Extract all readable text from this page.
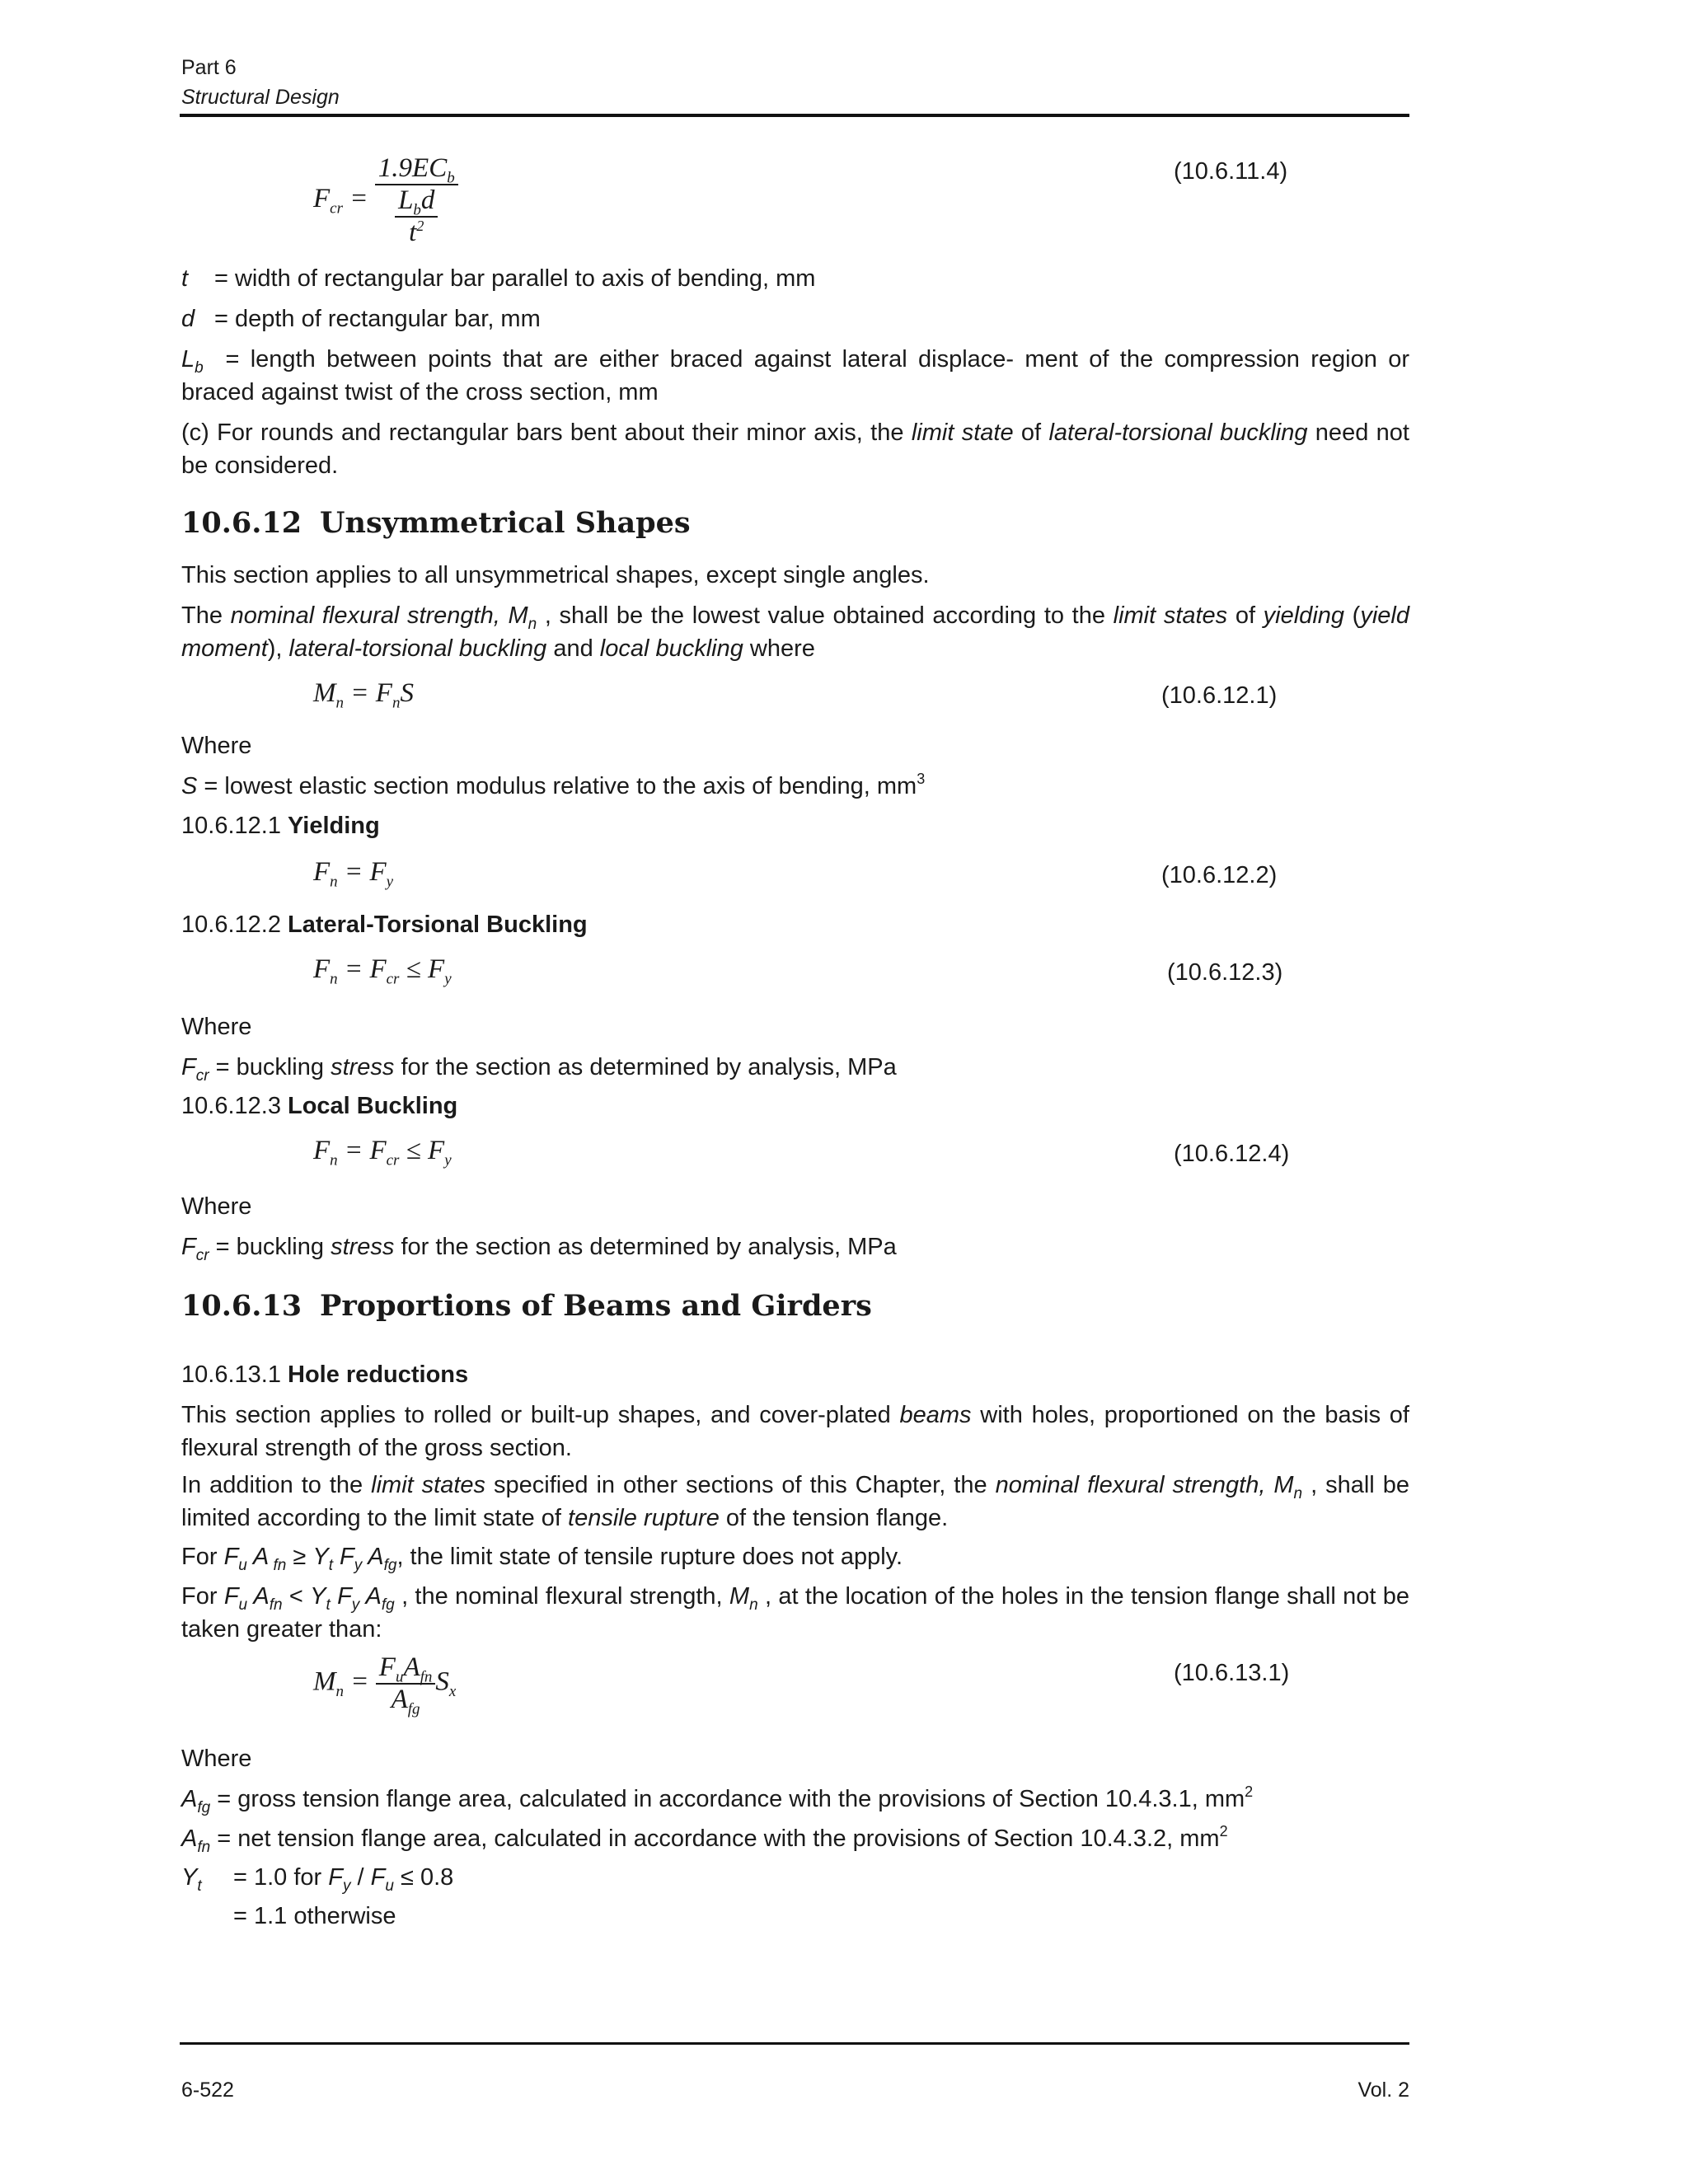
Part 6
Structural Design
$F_{cr} = \frac{1.9EC_b}{\frac{L_bd}{t^2}}$	(10.6.11.4)
t = width of rectangular bar parallel to axis of bending, mm
d = depth of rectangular bar, mm
$L_b$ = length between points that are either braced against lateral displace- ment of the compression region or braced against twist of the cross section, mm
(c) For rounds and rectangular bars bent about their minor axis, the limit state of lateral-torsional buckling need not be considered.
10.6.12 Unsymmetrical Shapes
This section applies to all unsymmetrical shapes, except single angles.
The nominal flexural strength, $M_n$ , shall be the lowest value obtained according to the limit states of yielding (yield moment), lateral-torsional buckling and local buckling where
$M_n = F_nS$	(10.6.12.1)
Where
S = lowest elastic section modulus relative to the axis of bending, $mm^3$
10.6.12.1 Yielding
$F_n = F_y$	(10.6.12.2)
10.6.12.2 Lateral-Torsional Buckling
$F_n = F_{cr} \le F_y$	(10.6.12.3)
Where
$F_{cr}$ = buckling stress for the section as determined by analysis, MPa
10.6.12.3 Local Buckling
$F_n = F_{cr} \le F_y$	(10.6.12.4)
Where
$F_{cr}$ = buckling stress for the section as determined by analysis, MPa
10.6.13 Proportions of Beams and Girders
10.6.13.1 Hole reductions
This section applies to rolled or built-up shapes, and cover-plated beams with holes, proportioned on the basis of flexural strength of the gross section.
In addition to the limit states specified in other sections of this Chapter, the nominal flexural strength, $M_n$ , shall be limited according to the limit state of tensile rupture of the tension flange.
For $F_u$ A $_{fn} \ge Y_t$ $F_y$ $A_{fg}$, the limit state of tensile rupture does not apply.
For $F_u$ $A_{fn} < Y_t$ $F_y$ $A_{fg}$ , the nominal flexural strength, $M_n$ , at the location of the holes in the tension flange shall not be taken greater than:
$M_n = \frac{F_uA_{fn}}{A_{fg}} S_x$
(10.6.13.1)
Where
$A_{fg}$ = gross tension flange area, calculated in accordance with the provisions of Section 10.4.3.1, $mm^2$
$A_{fn}$ = net tension flange area, calculated in accordance with the provisions of Section 10.4.3.2, $mm^2$
$Y_t = 1.0$ for $F_y / F_u \le 0.8$
= 1.1 otherwise
6-522	Vol. 2
